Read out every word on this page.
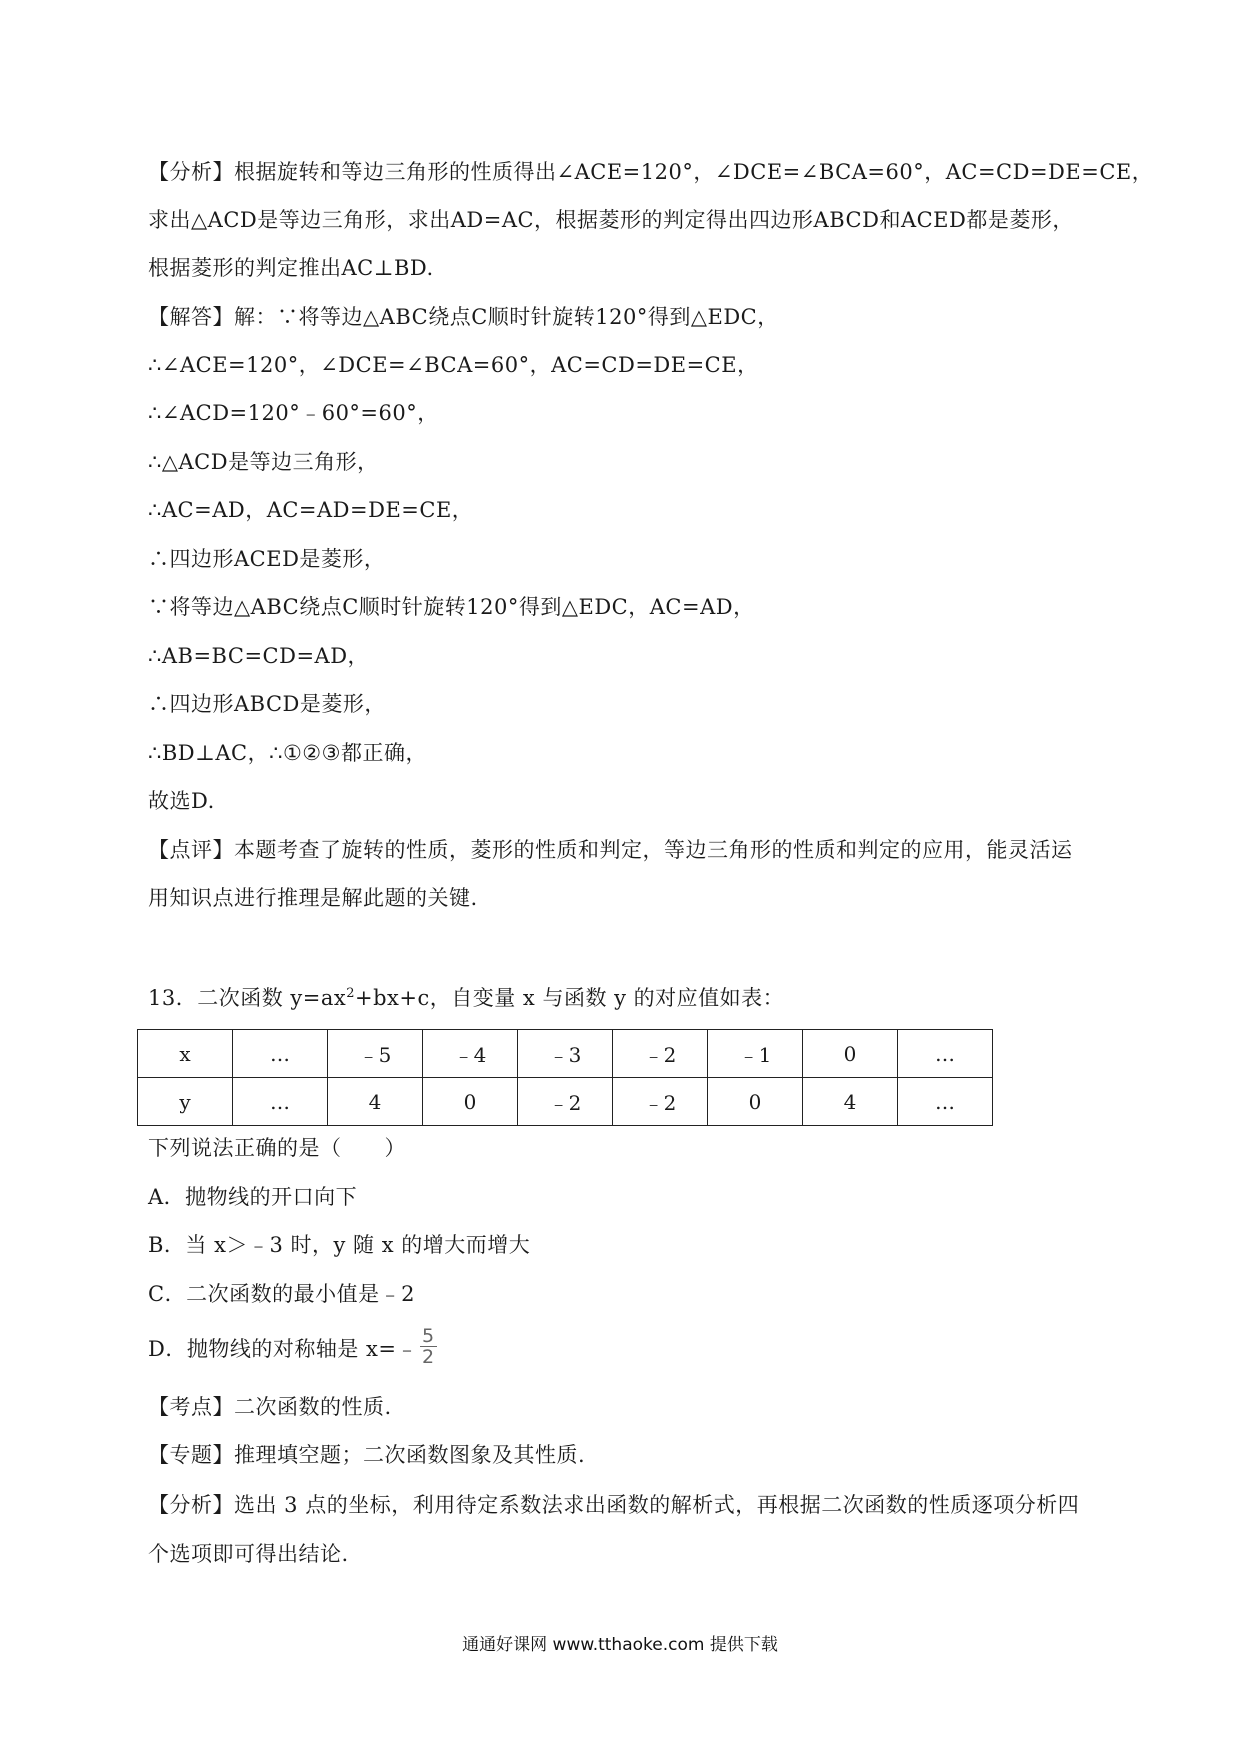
【分析】根据旋转和等边三角形的性质得出∠ACE=120°，∠DCE=∠BCA=60°，AC=CD=DE=CE，
求出△ACD是等边三角形，求出AD=AC，根据菱形的判定得出四边形ABCD和ACED都是菱形，
根据菱形的判定推出AC⊥BD.
【解答】解：∵将等边△ABC绕点C顺时针旋转120°得到△EDC，
∴∠ACE=120°，∠DCE=∠BCA=60°，AC=CD=DE=CE，
∴∠ACD=120°﹣60°=60°，
∴△ACD是等边三角形，
∴AC=AD，AC=AD=DE=CE，
∴四边形ACED是菱形，
∵将等边△ABC绕点C顺时针旋转120°得到△EDC，AC=AD，
∴AB=BC=CD=AD，
∴四边形ABCD是菱形，
∴BD⊥AC，∴①②③都正确，
故选D.
【点评】本题考查了旋转的性质，菱形的性质和判定，等边三角形的性质和判定的应用，能灵活运
用知识点进行推理是解此题的关键.
13．二次函数 $y=ax^2+bx+c$，自变量 x 与函数 y 的对应值如表：
x	…	﹣5	﹣4	﹣3	﹣2	﹣1	0	…
y	…	4	0	﹣2	﹣2	0	4	…
下列说法正确的是（　　）
A．抛物线的开口向下
B．当 x＞﹣3 时，y 随 x 的增大而增大
C．二次函数的最小值是﹣2
D．抛物线的对称轴是 x=﹣ $\frac{5}{2}$
【考点】二次函数的性质.
【专题】推理填空题；二次函数图象及其性质.
【分析】选出 3 点的坐标，利用待定系数法求出函数的解析式，再根据二次函数的性质逐项分析四
个选项即可得出结论.
通通好课网 www.tthaoke.com 提供下载
